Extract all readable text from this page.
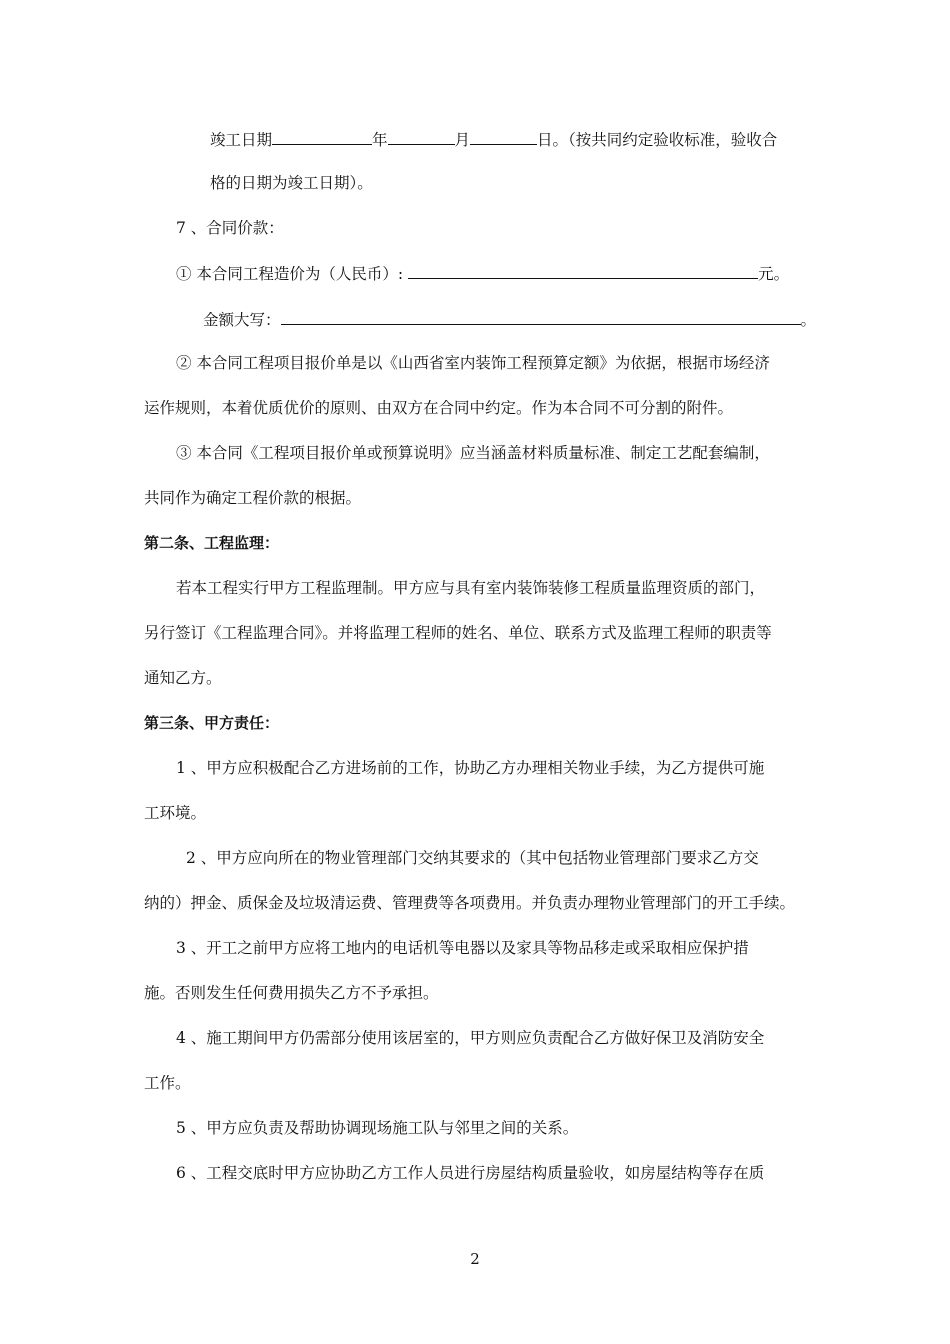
竣工日期	年	月	日。（按共同约定验收标准，验收合
格的日期为竣工日期）。
7 、合同价款：
① 本合同工程造价为（人民币）:	元。
金额大写：	。
② 本合同工程项目报价单是以《山西省室内装饰工程预算定额》为依据，根据市场经济
运作规则，本着优质优价的原则、由双方在合同中约定。作为本合同不可分割的附件。
③ 本合同《工程项目报价单或预算说明》应当涵盖材料质量标准、制定工艺配套编制，
共同作为确定工程价款的根据。
第二条、工程监理：
若本工程实行甲方工程监理制。甲方应与具有室内装饰装修工程质量监理资质的部门，
另行签订《工程监理合同》。并将监理工程师的姓名、单位、联系方式及监理工程师的职责等
通知乙方。
第三条、甲方责任：
1 、甲方应积极配合乙方进场前的工作，协助乙方办理相关物业手续，为乙方提供可施
工环境。
2 、甲方应向所在的物业管理部门交纳其要求的（其中包括物业管理部门要求乙方交
纳的）押金、质保金及垃圾清运费、管理费等各项费用。并负责办理物业管理部门的开工手续。
3 、开工之前甲方应将工地内的电话机等电器以及家具等物品移走或采取相应保护措
施。否则发生任何费用损失乙方不予承担。
4 、施工期间甲方仍需部分使用该居室的，甲方则应负责配合乙方做好保卫及消防安全
工作。
5 、甲方应负责及帮助协调现场施工队与邻里之间的关系。
6 、工程交底时甲方应协助乙方工作人员进行房屋结构质量验收，如房屋结构等存在质
2
